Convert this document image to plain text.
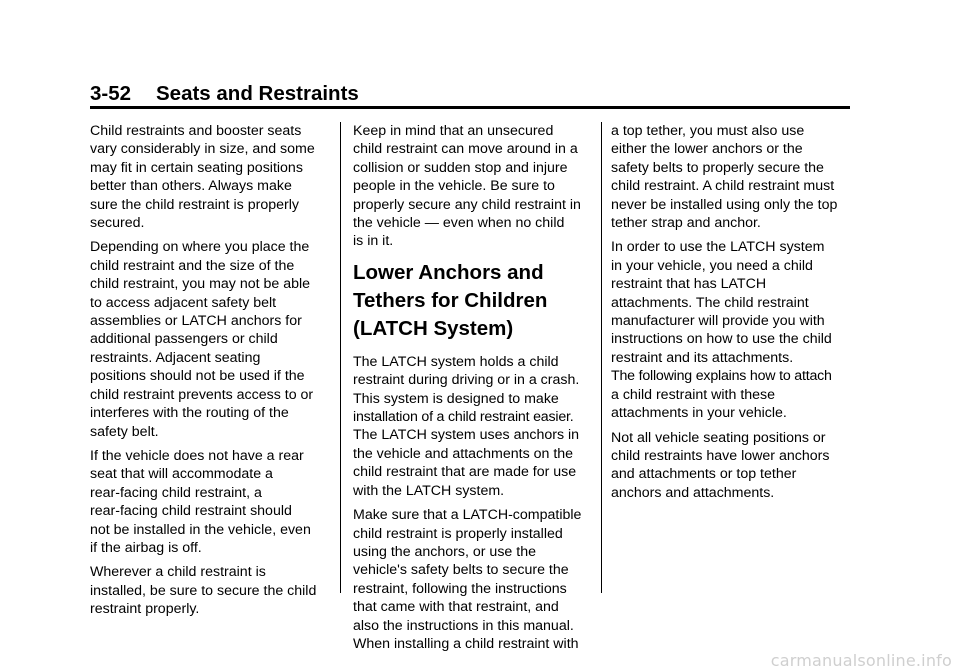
3-52 Seats and Restraints
Child restraints and booster seats
vary considerably in size, and some
may fit in certain seating positions
better than others. Always make
sure the child restraint is properly
secured.
Depending on where you place the
child restraint and the size of the
child restraint, you may not be able
to access adjacent safety belt
assemblies or LATCH anchors for
additional passengers or child
restraints. Adjacent seating
positions should not be used if the
child restraint prevents access to or
interferes with the routing of the
safety belt.
If the vehicle does not have a rear
seat that will accommodate a
rear-facing child restraint, a
rear-facing child restraint should
not be installed in the vehicle, even
if the airbag is off.
Wherever a child restraint is
installed, be sure to secure the child
restraint properly.
Keep in mind that an unsecured
child restraint can move around in a
collision or sudden stop and injure
people in the vehicle. Be sure to
properly secure any child restraint in
the vehicle — even when no child
is in it.
Lower Anchors and
Tethers for Children
(LATCH System)
The LATCH system holds a child
restraint during driving or in a crash.
This system is designed to make
installation of a child restraint easier.
The LATCH system uses anchors in
the vehicle and attachments on the
child restraint that are made for use
with the LATCH system.
Make sure that a LATCH-compatible
child restraint is properly installed
using the anchors, or use the
vehicle's safety belts to secure the
restraint, following the instructions
that came with that restraint, and
also the instructions in this manual.
When installing a child restraint with
a top tether, you must also use
either the lower anchors or the
safety belts to properly secure the
child restraint. A child restraint must
never be installed using only the top
tether strap and anchor.
In order to use the LATCH system
in your vehicle, you need a child
restraint that has LATCH
attachments. The child restraint
manufacturer will provide you with
instructions on how to use the child
restraint and its attachments.
The following explains how to attach
a child restraint with these
attachments in your vehicle.
Not all vehicle seating positions or
child restraints have lower anchors
and attachments or top tether
anchors and attachments.
carmanualsonline.info
